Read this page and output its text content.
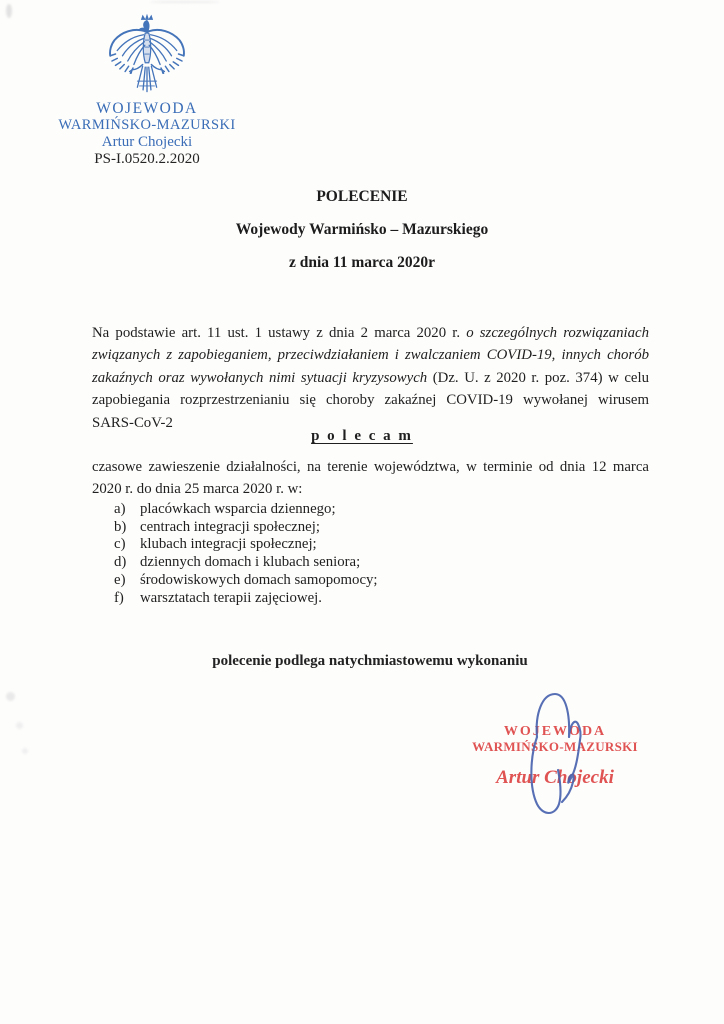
WOJEWODA
WARMIŃSKO-MAZURSKI
Artur Chojecki
PS-I.0520.2.2020

POLECENIE

Wojewody Warmińsko – Mazurskiego

z dnia 11 marca 2020r

Na podstawie art. 11 ust. 1 ustawy z dnia 2 marca 2020 r. o szczególnych rozwiązaniach związanych z zapobieganiem, przeciwdziałaniem i zwalczaniem COVID-19, innych chorób zakaźnych oraz wywołanych nimi sytuacji kryzysowych (Dz. U. z 2020 r. poz. 374) w celu zapobiegania rozprzestrzenianiu się choroby zakaźnej COVID-19 wywołanej wirusem SARS-CoV-2

p o l e c a m

czasowe zawieszenie działalności, na terenie województwa, w terminie od dnia 12 marca 2020 r. do dnia 25 marca 2020 r. w:

a) placówkach wsparcia dziennego;
b) centrach integracji społecznej;
c) klubach integracji społecznej;
d) dziennych domach i klubach seniora;
e) środowiskowych domach samopomocy;
f)	warsztatach terapii zajęciowej.
polecenie podlega natychmiastowemu wykonaniu
WOJEWODA
WARMIŃSKO-MAZURSKI
Artur Chojecki
